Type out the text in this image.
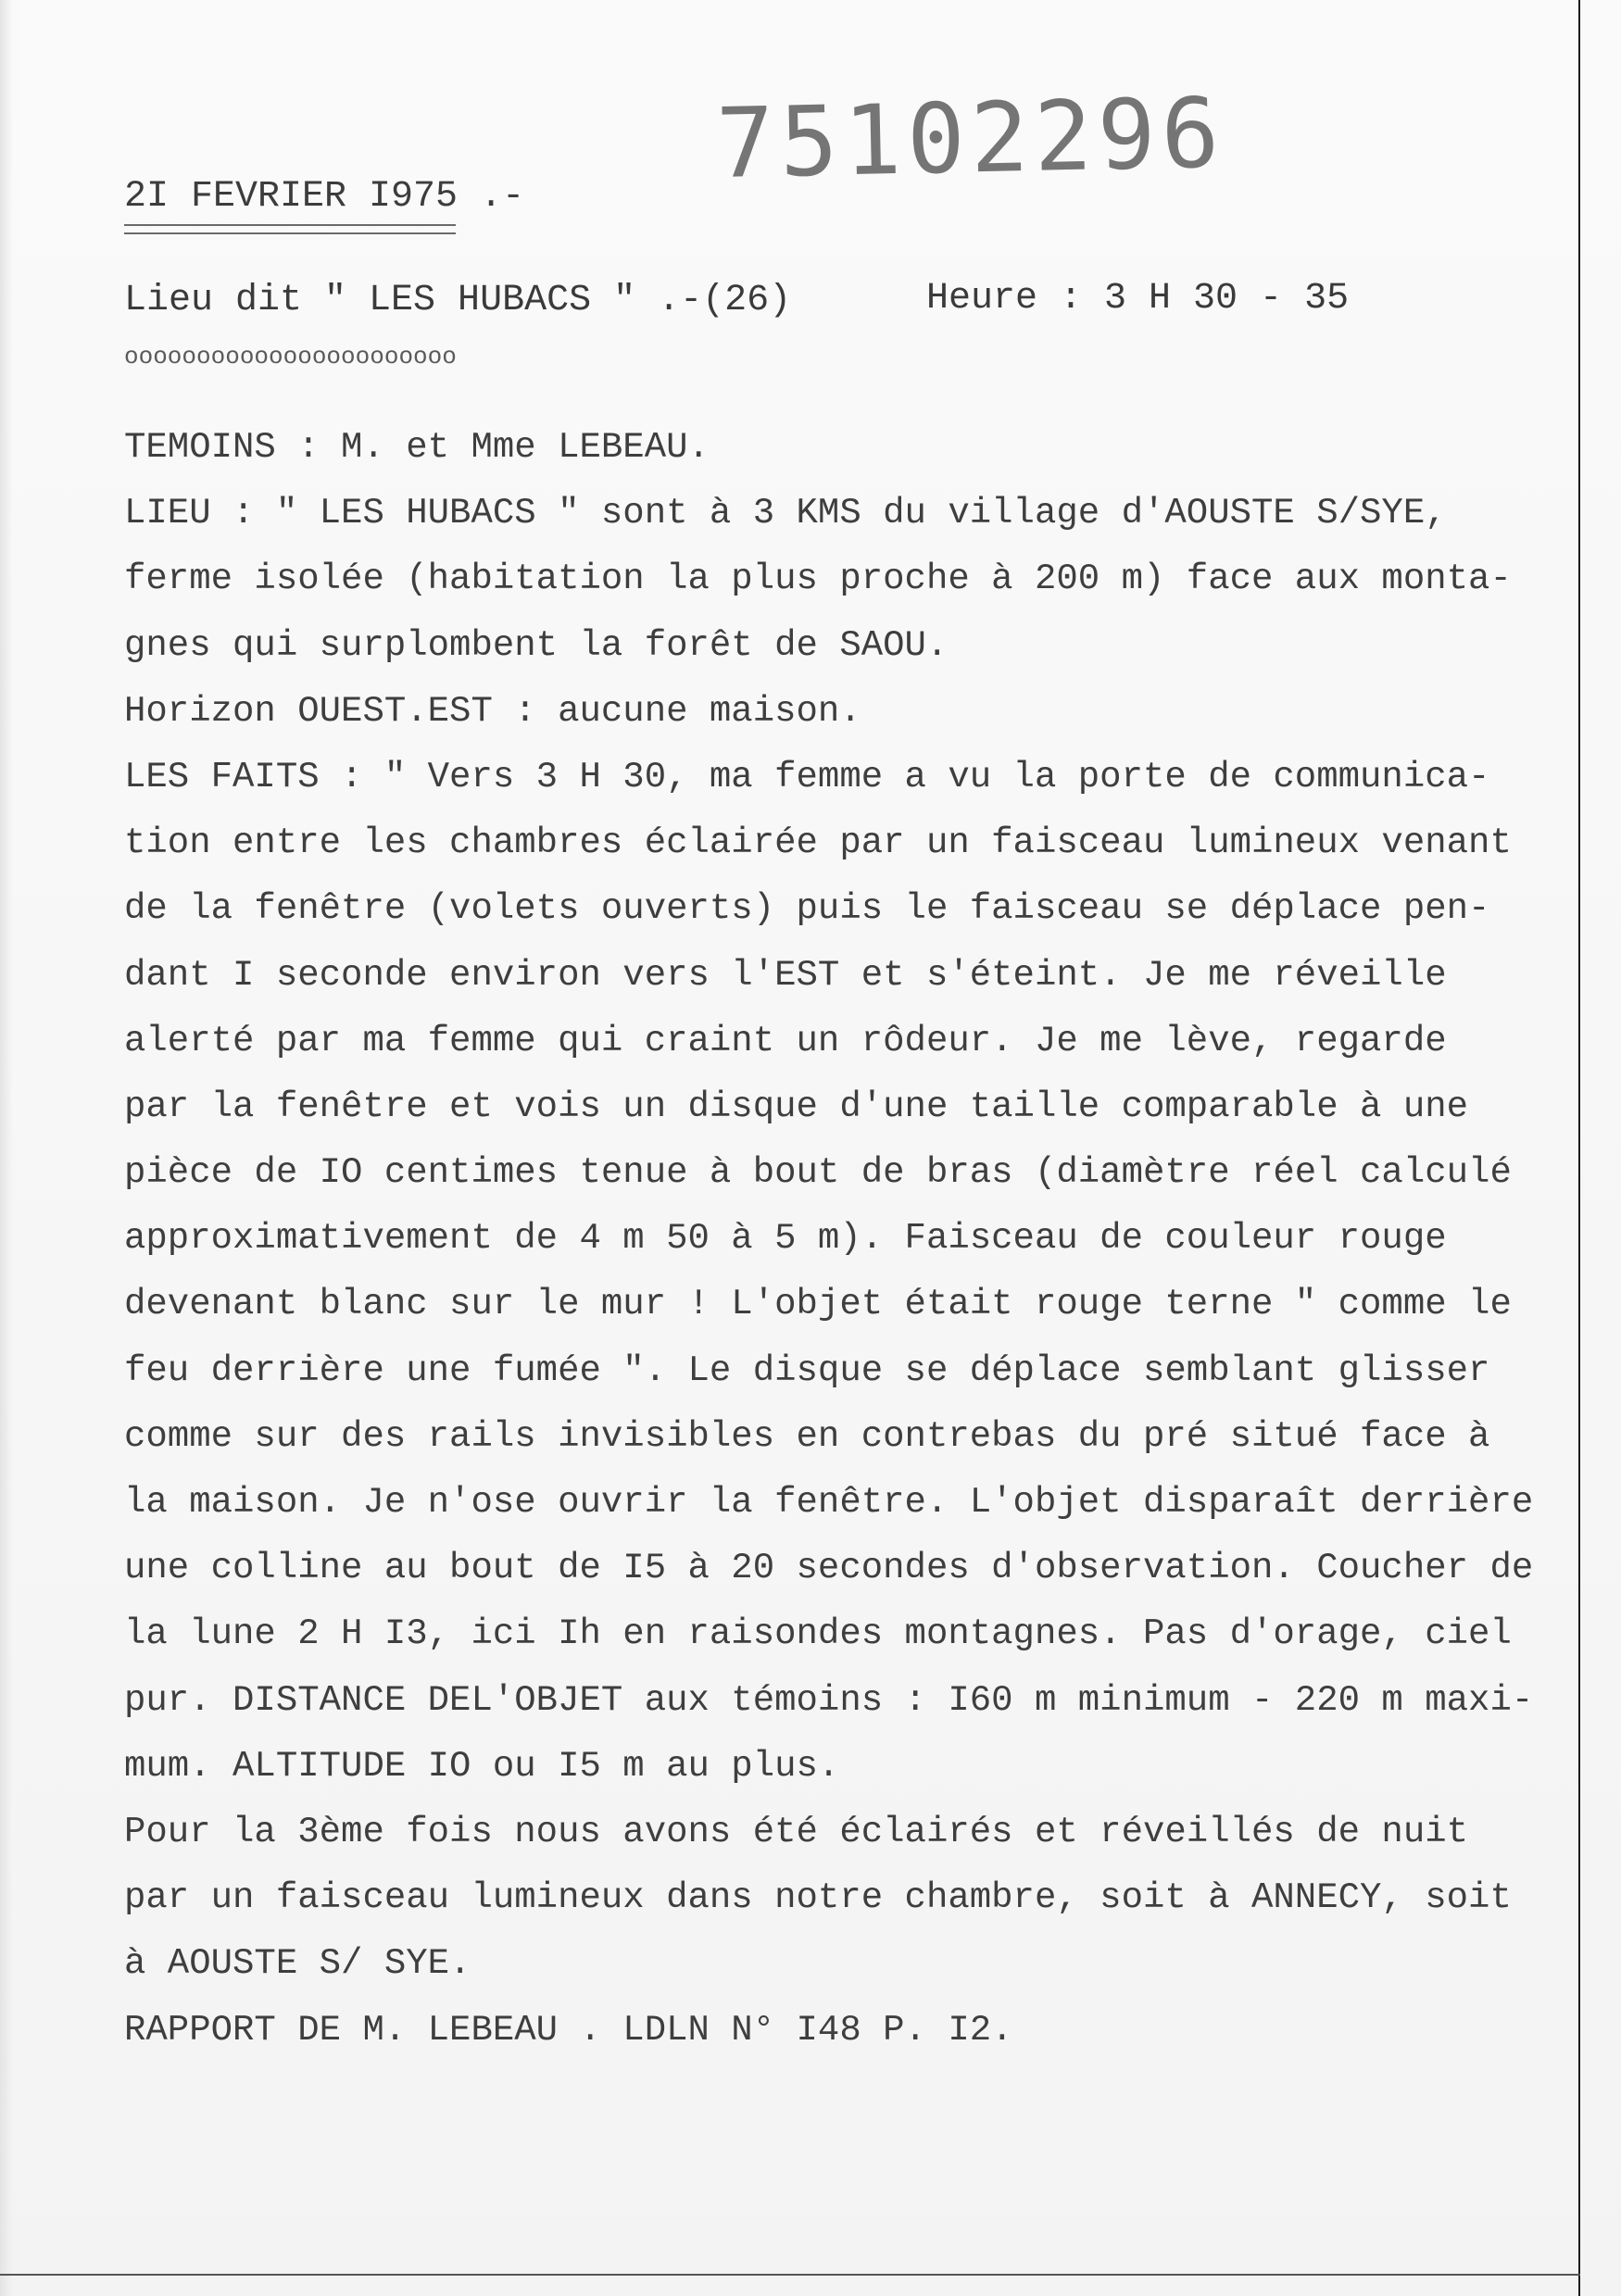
75102296
2I FEVRIER I975 .-
Lieu dit " LES HUBACS " .-(26)	Heure : 3 H 30 - 35
ooooooooooooooooooooooo
TEMOINS : M. et Mme LEBEAU.
LIEU : " LES HUBACS " sont à 3 KMS du village d'AOUSTE S/SYE,
ferme isolée (habitation la plus proche à 200 m) face aux monta-
gnes qui surplombent la forêt de SAOU.
Horizon OUEST.EST : aucune maison.
LES FAITS : " Vers 3 H 30, ma femme a vu la porte de communica-
tion entre les chambres éclairée par un faisceau lumineux venant
de la fenêtre (volets ouverts) puis le faisceau se déplace pen-
dant I seconde environ vers l'EST et s'éteint. Je me réveille
alerté par ma femme qui craint un rôdeur. Je me lève, regarde
par la fenêtre et vois un disque d'une taille comparable à une
pièce de IO centimes tenue à bout de bras (diamètre réel calculé
approximativement de 4 m 50 à 5 m). Faisceau de couleur rouge
devenant blanc sur le mur ! L'objet était rouge terne " comme le
feu derrière une fumée ". Le disque se déplace semblant glisser
comme sur des rails invisibles en contrebas du pré situé face à
la maison. Je n'ose ouvrir la fenêtre. L'objet disparaît derrière
une colline au bout de I5 à 20 secondes d'observation. Coucher de
la lune 2 H I3, ici Ih en raisondes montagnes. Pas d'orage, ciel
pur. DISTANCE DEL'OBJET aux témoins : I60 m minimum - 220 m maxi-
mum. ALTITUDE IO ou I5 m au plus.
Pour la 3ème fois nous avons été éclairés et réveillés de nuit
par un faisceau lumineux dans notre chambre, soit à ANNECY, soit
à AOUSTE S/ SYE.
RAPPORT DE M. LEBEAU . LDLN N° I48 P. I2.
